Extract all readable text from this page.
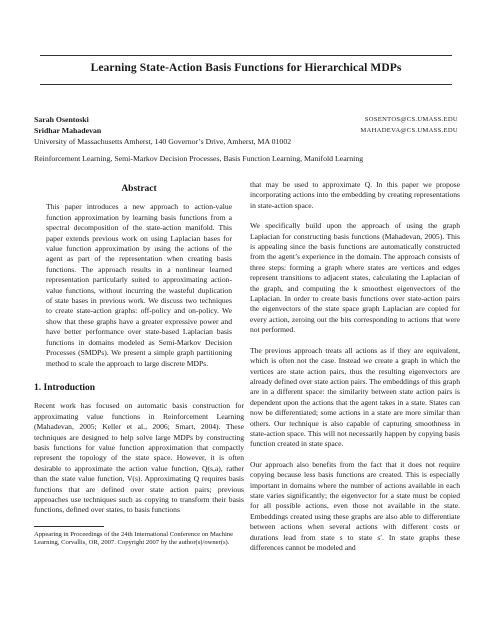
Learning State-Action Basis Functions for Hierarchical MDPs
Sarah Osentoski
Sridhar Mahadevan
SOSENTOS@CS.UMASS.EDU
MAHADEVA@CS.UMASS.EDU
University of Massachusetts Amherst, 140 Governor’s Drive, Amherst, MA 01002
Reinforcement Learning, Semi-Markov Decision Processes, Basis Function Learning, Manifold Learning
Abstract

This paper introduces a new approach to action-value function approximation by learning basis functions from a spectral decomposition of the state-action manifold. This paper extends previous work on using Laplacian bases for value function approximation by using the actions of the agent as part of the representation when creating basis functions. The approach results in a nonlinear learned representation particularly suited to approximating action-value functions, without incurring the wasteful duplication of state bases in previous work. We discuss two techniques to create state-action graphs: off-policy and on-policy. We show that these graphs have a greater expressive power and have better performance over state-based Laplacian basis functions in domains modeled as Semi-Markov Decision Processes (SMDPs). We present a simple graph partitioning method to scale the approach to large discrete MDPs.

1. Introduction

Recent work has focused on automatic basis construction for approximating value functions in Reinforcement Learning (Mahadevan, 2005; Keller et al., 2006; Smart, 2004). These techniques are designed to help solve large MDPs by constructing basis functions for value function approximation that compactly represent the topology of the state space. However, it is often desirable to approximate the action value function, Q(s,a), rather than the state value function, V(s). Approximating Q requires basis functions that are defined over state action pairs; previous approaches use techniques such as copying to transform their basis functions, defined over states, to basis functions

Appearing in Proceedings of the 24th International Conference on Machine Learning, Corvallis, OR, 2007. Copyright 2007 by the author(s)/owner(s).

that may be used to approximate Q. In this paper we propose incorporating actions into the embedding by creating representations in state-action space.

We specifically build upon the approach of using the graph Laplacian for constructing basis functions (Mahadevan, 2005). This is appealing since the basis functions are automatically constructed from the agent’s experience in the domain. The approach consists of three steps: forming a graph where states are vertices and edges represent transitions to adjacent states, calculating the Laplacian of the graph, and computing the k smoothest eigenvectors of the Laplacian. In order to create basis functions over state-action pairs the eigenvectors of the state space graph Laplacian are copied for every action, zeroing out the bits corresponding to actions that were not performed.

The previous approach treats all actions as if they are equivalent, which is often not the case. Instead we create a graph in which the vertices are state action pairs, thus the resulting eigenvectors are already defined over state action pairs. The embeddings of this graph are in a different space: the similarity between state action pairs is dependent upon the actions that the agent takes in a state. States can now be differentiated; some actions in a state are more similar than others. Our technique is also capable of capturing smoothness in state-action space. This will not necessarily happen by copying basis function created in state space.

Our approach also benefits from the fact that it does not require copying because less basis functions are created. This is especially important in domains where the number of actions available in each state varies significantly; the eigenvector for a state must be copied for all possible actions, even those not available in the state. Embeddings created using these graphs are also able to differentiate between actions when several actions with different costs or durations lead from state s to state s′. In state graphs these differences cannot be modeled and
